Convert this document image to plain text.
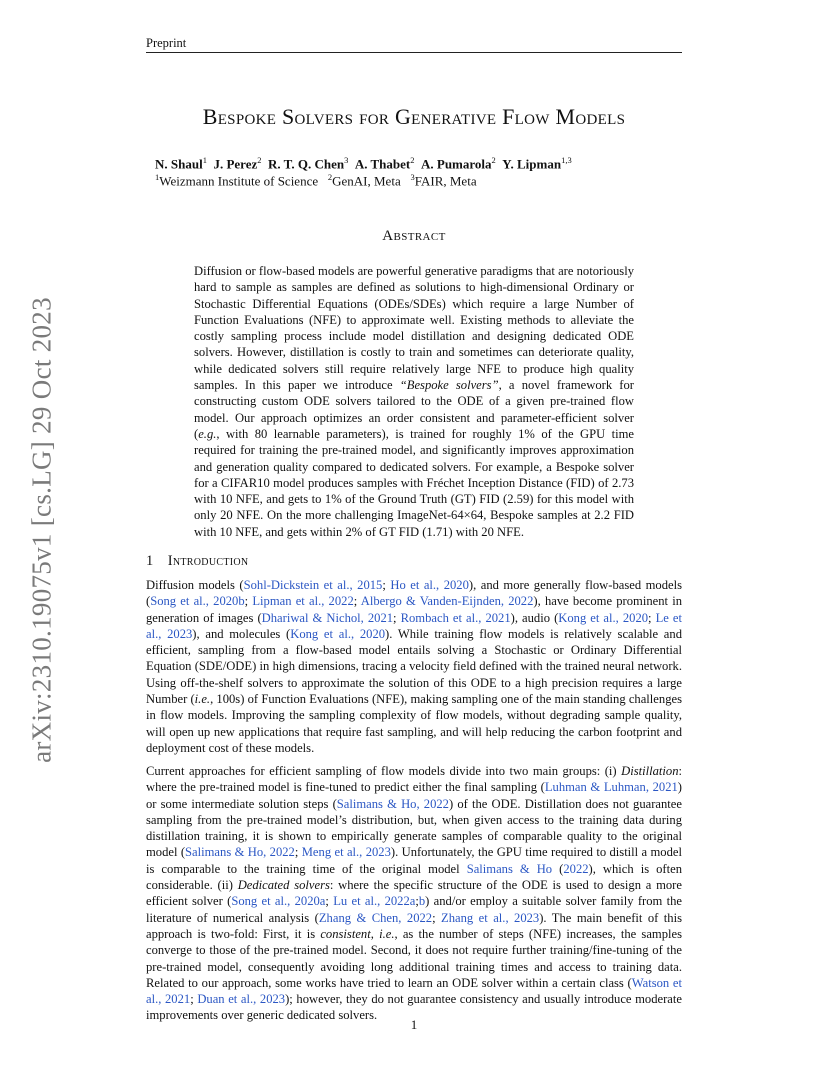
Preprint
arXiv:2310.19075v1 [cs.LG] 29 Oct 2023
Bespoke Solvers for Generative Flow Models
N. Shaul$^1$ J. Perez$^2$ R. T. Q. Chen$^3$ A. Thabet$^2$ A. Pumarola$^2$ Y. Lipman$^{1,3}$
$^1$Weizmann Institute of Science $^2$GenAI, Meta $^3$FAIR, Meta
Abstract
Diffusion or flow-based models are powerful generative paradigms that are notoriously hard to sample as samples are defined as solutions to high-dimensional Ordinary or Stochastic Differential Equations (ODEs/SDEs) which require a large Number of Function Evaluations (NFE) to approximate well. Existing methods to alleviate the costly sampling process include model distillation and designing dedicated ODE solvers. However, distillation is costly to train and sometimes can deteriorate quality, while dedicated solvers still require relatively large NFE to produce high quality samples. In this paper we introduce “Bespoke solvers”, a novel framework for constructing custom ODE solvers tailored to the ODE of a given pre-trained flow model. Our approach optimizes an order consistent and parameter-efficient solver (e.g., with 80 learnable parameters), is trained for roughly 1% of the GPU time required for training the pre-trained model, and significantly improves approximation and generation quality compared to dedicated solvers. For example, a Bespoke solver for a CIFAR10 model produces samples with Fréchet Inception Distance (FID) of 2.73 with 10 NFE, and gets to 1% of the Ground Truth (GT) FID (2.59) for this model with only 20 NFE. On the more challenging ImageNet-64×64, Bespoke samples at 2.2 FID with 10 NFE, and gets within 2% of GT FID (1.71) with 20 NFE.
1 Introduction
Diffusion models (Sohl-Dickstein et al., 2015; Ho et al., 2020), and more generally flow-based models (Song et al., 2020b; Lipman et al., 2022; Albergo & Vanden-Eijnden, 2022), have become prominent in generation of images (Dhariwal & Nichol, 2021; Rombach et al., 2021), audio (Kong et al., 2020; Le et al., 2023), and molecules (Kong et al., 2020). While training flow models is relatively scalable and efficient, sampling from a flow-based model entails solving a Stochastic or Ordinary Differential Equation (SDE/ODE) in high dimensions, tracing a velocity field defined with the trained neural network. Using off-the-shelf solvers to approximate the solution of this ODE to a high precision requires a large Number (i.e., 100s) of Function Evaluations (NFE), making sampling one of the main standing challenges in flow models. Improving the sampling complexity of flow models, without degrading sample quality, will open up new applications that require fast sampling, and will help reducing the carbon footprint and deployment cost of these models.
Current approaches for efficient sampling of flow models divide into two main groups: (i) Distillation: where the pre-trained model is fine-tuned to predict either the final sampling (Luhman & Luhman, 2021) or some intermediate solution steps (Salimans & Ho, 2022) of the ODE. Distillation does not guarantee sampling from the pre-trained model’s distribution, but, when given access to the training data during distillation training, it is shown to empirically generate samples of comparable quality to the original model (Salimans & Ho, 2022; Meng et al., 2023). Unfortunately, the GPU time required to distill a model is comparable to the training time of the original model Salimans & Ho (2022), which is often considerable. (ii) Dedicated solvers: where the specific structure of the ODE is used to design a more efficient solver (Song et al., 2020a; Lu et al., 2022a;b) and/or employ a suitable solver family from the literature of numerical analysis (Zhang & Chen, 2022; Zhang et al., 2023). The main benefit of this approach is two-fold: First, it is consistent, i.e., as the number of steps (NFE) increases, the samples converge to those of the pre-trained model. Second, it does not require further training/fine-tuning of the pre-trained model, consequently avoiding long additional training times and access to training data. Related to our approach, some works have tried to learn an ODE solver within a certain class (Watson et al., 2021; Duan et al., 2023); however, they do not guarantee consistency and usually introduce moderate improvements over generic dedicated solvers.
1
